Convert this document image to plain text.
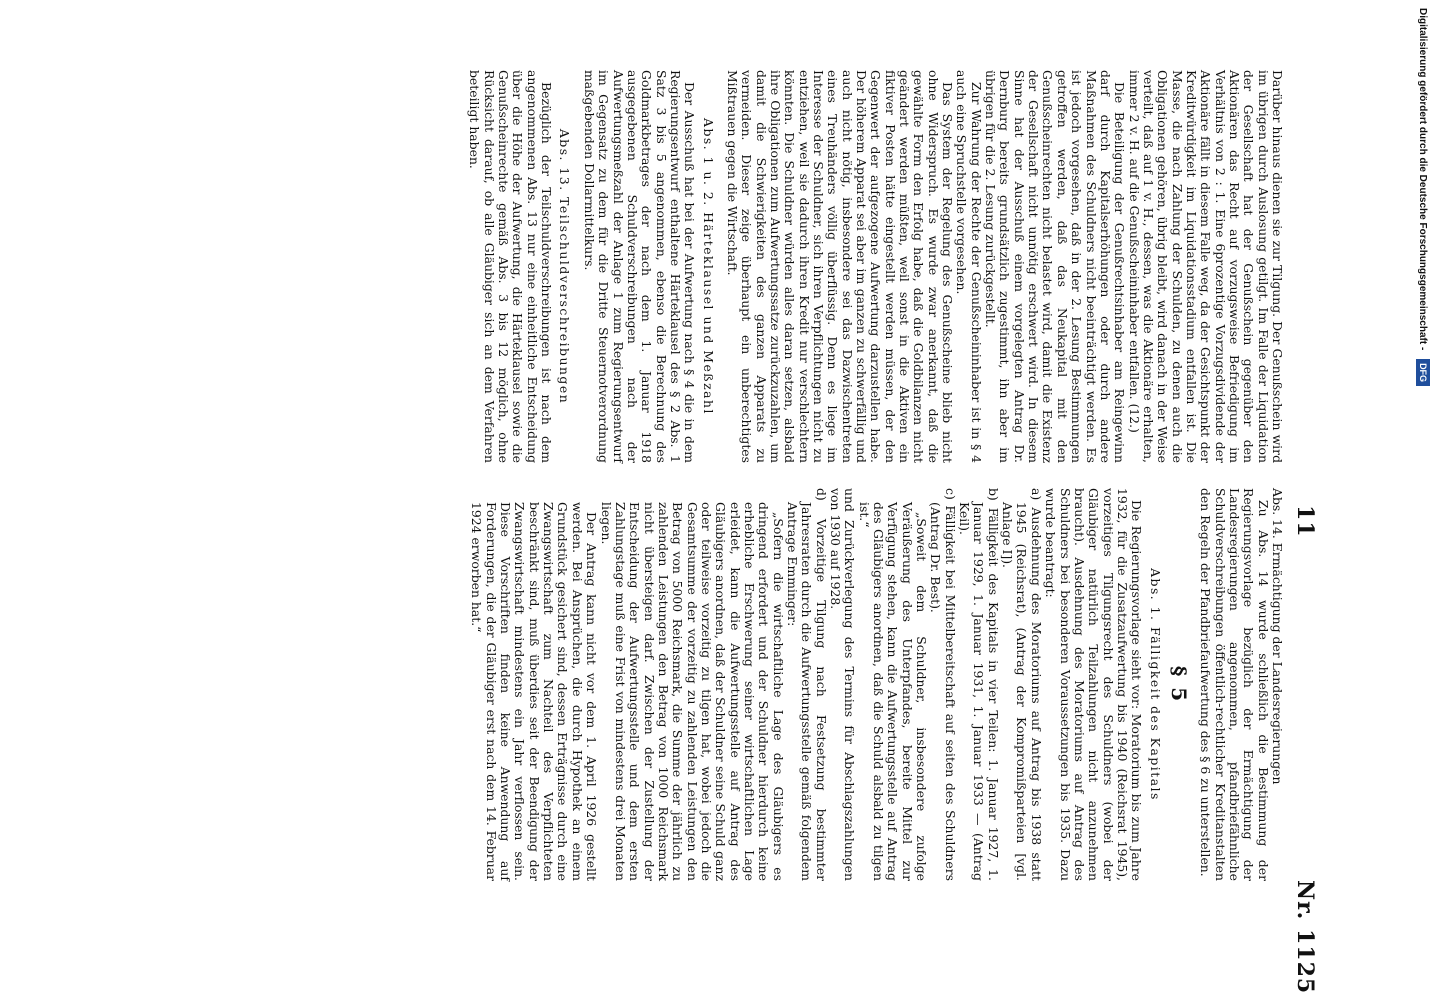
11
Nr. 1125

Darüber hinaus dienen sie zur Tilgung. Der Genußschein wird im übrigen durch Auslosung getilgt. Im Falle der Liquidation der Gesellschaft hat der Genußschein gegenüber den Aktionären das Recht auf vorzugsweise Befriedigung im Verhältnis von 2 : 1. Eine 6prozentige Vorzugsdividende der Aktionäre fällt in diesem Falle weg, da der Gesichtspunkt der Kreditwürdigkeit im Liquidationsstadium entfallen ist. Die Masse, die nach Zahlung der Schulden, zu denen auch die Obligationen gehören, übrig bleibt, wird danach in der Weise verteilt, daß auf 1 v. H., dessen, was die Aktionäre erhalten, immer 2 v. H. auf die Genußscheininhaber entfallen. (12.)

Die Beteiligung der Genußrechtsinhaber am Reingewinn darf durch Kapitalserhöhungen oder durch andere Maßnahmen des Schuldners nicht beeinträchtigt werden. Es ist jedoch vorgesehen, daß in der 2. Lesung Bestimmungen getroffen werden, daß das Neukapital mit den Genußscheinrechten nicht belastet wird, damit die Existenz der Gesellschaft nicht unnötig erschwert wird. In diesem Sinne hat der Ausschuß einem vorgelegten Antrag Dr. Dernburg bereits grundsätzlich zugestimmt, ihn aber im übrigen für die 2. Lesung zurückgestellt.

Zur Wahrung der Rechte der Genußscheininhaber ist in § 4 auch eine Spruchstelle vorgesehen.

Das System der Regelung des Genußscheine blieb nicht ohne Widerspruch. Es wurde zwar anerkannt, daß die gewählte Form den Erfolg habe, daß die Goldbilanzen nicht geändert werden müßten, weil sonst in die Aktiven ein fiktiver Posten hätte eingestellt werden müssen, der den Gegenwert der aufgezogene Aufwertung darzustellen habe. Der höherem Apparat sei aber im ganzen zu schwerfällig und auch nicht nötig, insbesondere sei das Dazwischentreten eines Treuhänders völlig überflüssig. Denn es liege im Interesse der Schuldner, sich ihren Verpflichtungen nicht zu entziehen, weil sie dadurch ihren Kredit nur verschlechtern könnten. Die Schuldner würden alles daran setzen, alsbald ihre Obligationen zum Aufwertungssatze zurückzuzahlen, um damit die Schwierigkeiten des ganzen Apparats zu vermeiden. Dieser zeige überhaupt ein unberechtigtes Mißtrauen gegen die Wirtschaft.

Abs. 1 u. 2. Härteklausel und Meßzahl

Der Ausschuß hat bei der Aufwertung nach § 4 die in dem Regierungsentwurf enthaltene Härteklausel des § 2 Abs. 1 Satz 3 bis 5 angenommen, ebenso die Berechnung des Goldmarkbetrages der nach dem 1. Januar 1918 ausgegebenen Schuldverschreibungen nach der Aufwertungsmeßzahl der Anlage 1 zum Regierungsentwurf im Gegensatz zu dem für die Dritte Steuernotverordnung maßgebenden Dollarmittelkurs.

Abs. 13. Teilschuldverschreibungen

Bezüglich der Teilschuldverschreibungen ist nach dem angenommenen Abs. 13 nur eine einheitliche Entscheidung über die Höhe der Aufwertung, die Härteklausel sowie die Genußscheinrechte gemäß Abs. 3 bis 12 möglich, ohne Rücksicht darauf, ob alle Gläubiger sich an dem Verfahren beteiligt haben.

Abs. 14. Ermächtigung der Landesregierungen

Zu Abs. 14 wurde schließlich die Bestimmung der Regierungsvorlage bezüglich der Ermächtigung der Landesregierungen angenommen, pfandbriefähnliche Schuldverschreibungen öffentlich-rechtlicher Kreditanstalten den Regeln der Pfandbriefaufwertung des § 6 zu unterstellen.

§ 5

Abs. 1. Fälligkeit des Kapitals

Die Regierungsvorlage sieht vor: Moratorium bis zum Jahre 1932, für die Zusatzaufwertung bis 1940 (Reichsrat 1945), vorzeitiges Tilgungsrecht des Schuldners (wobei der Gläubiger natürlich Teilzahlungen nicht anzunehmen braucht). Ausdehnung des Moratoriums auf Antrag des Schuldners bei besonderen Voraussetzungen bis 1935. Dazu wurde beantragt:

a) Ausdehnung des Moratoriums auf Antrag bis 1938 statt 1945 (Reichsrat), (Antrag der Kompromißparteien [vgl. Anlage I]).

b) Fälligkeit des Kapitals in vier Teilen: 1. Januar 1927, 1. Januar 1929, 1. Januar 1931, 1. Januar 1933 — (Antrag Keil).

c) Fälligkeit bei Mittelbereitschaft auf seiten des Schuldners (Antrag Dr. Best).

„Soweit dem Schuldner, insbesondere zufolge Veräußerung des Unterpfandes, bereite Mittel zur Verfügung stehen, kann die Aufwertungsstelle auf Antrag des Gläubigers anordnen, daß die Schuld alsbald zu tilgen ist.“

und Zurückverlegung des Termins für Abschlagszahlungen von 1930 auf 1928.

d) Vorzeitige Tilgung nach Festsetzung bestimmter Jahresraten durch die Aufwertungsstelle gemäß folgendem Antrage Emminger:

„Sofern die wirtschaftliche Lage des Gläubigers es dringend erfordert und der Schuldner hierdurch keine erhebliche Erschwerung seiner wirtschaftlichen Lage erleidet, kann die Aufwertungsstelle auf Antrag des Gläubigers anordnen, daß der Schuldner seine Schuld ganz oder teilweise vorzeitig zu tilgen hat, wobei jedoch die Gesamtsumme der vorzeitig zu zahlenden Leistungen den Betrag von 5000 Reichsmark, die Summe der jährlich zu zahlenden Leistungen den Betrag von 1000 Reichsmark nicht übersteigen darf. Zwischen der Zustellung der Entscheidung der Aufwertungsstelle und dem ersten Zahlungstage muß eine Frist von mindestens drei Monaten liegen.

Der Antrag kann nicht vor dem 1. April 1926 gestellt werden. Bei Ansprüchen, die durch Hypothek an einem Grundstück gesichert sind, dessen Erträgnisse durch eine Zwangswirtschaft zum Nachteil des Verpflichteten beschränkt sind, muß überdies seit der Beendigung der Zwangswirtschaft mindestens ein Jahr verflossen sein. Diese Vorschriften finden keine Anwendung auf Forderungen, die der Gläubiger erst nach dem 14. Februar 1924 erworben hat.“

Digitalisierung gefördert durch die Deutsche Forschungsgemeinschaft - DFG
